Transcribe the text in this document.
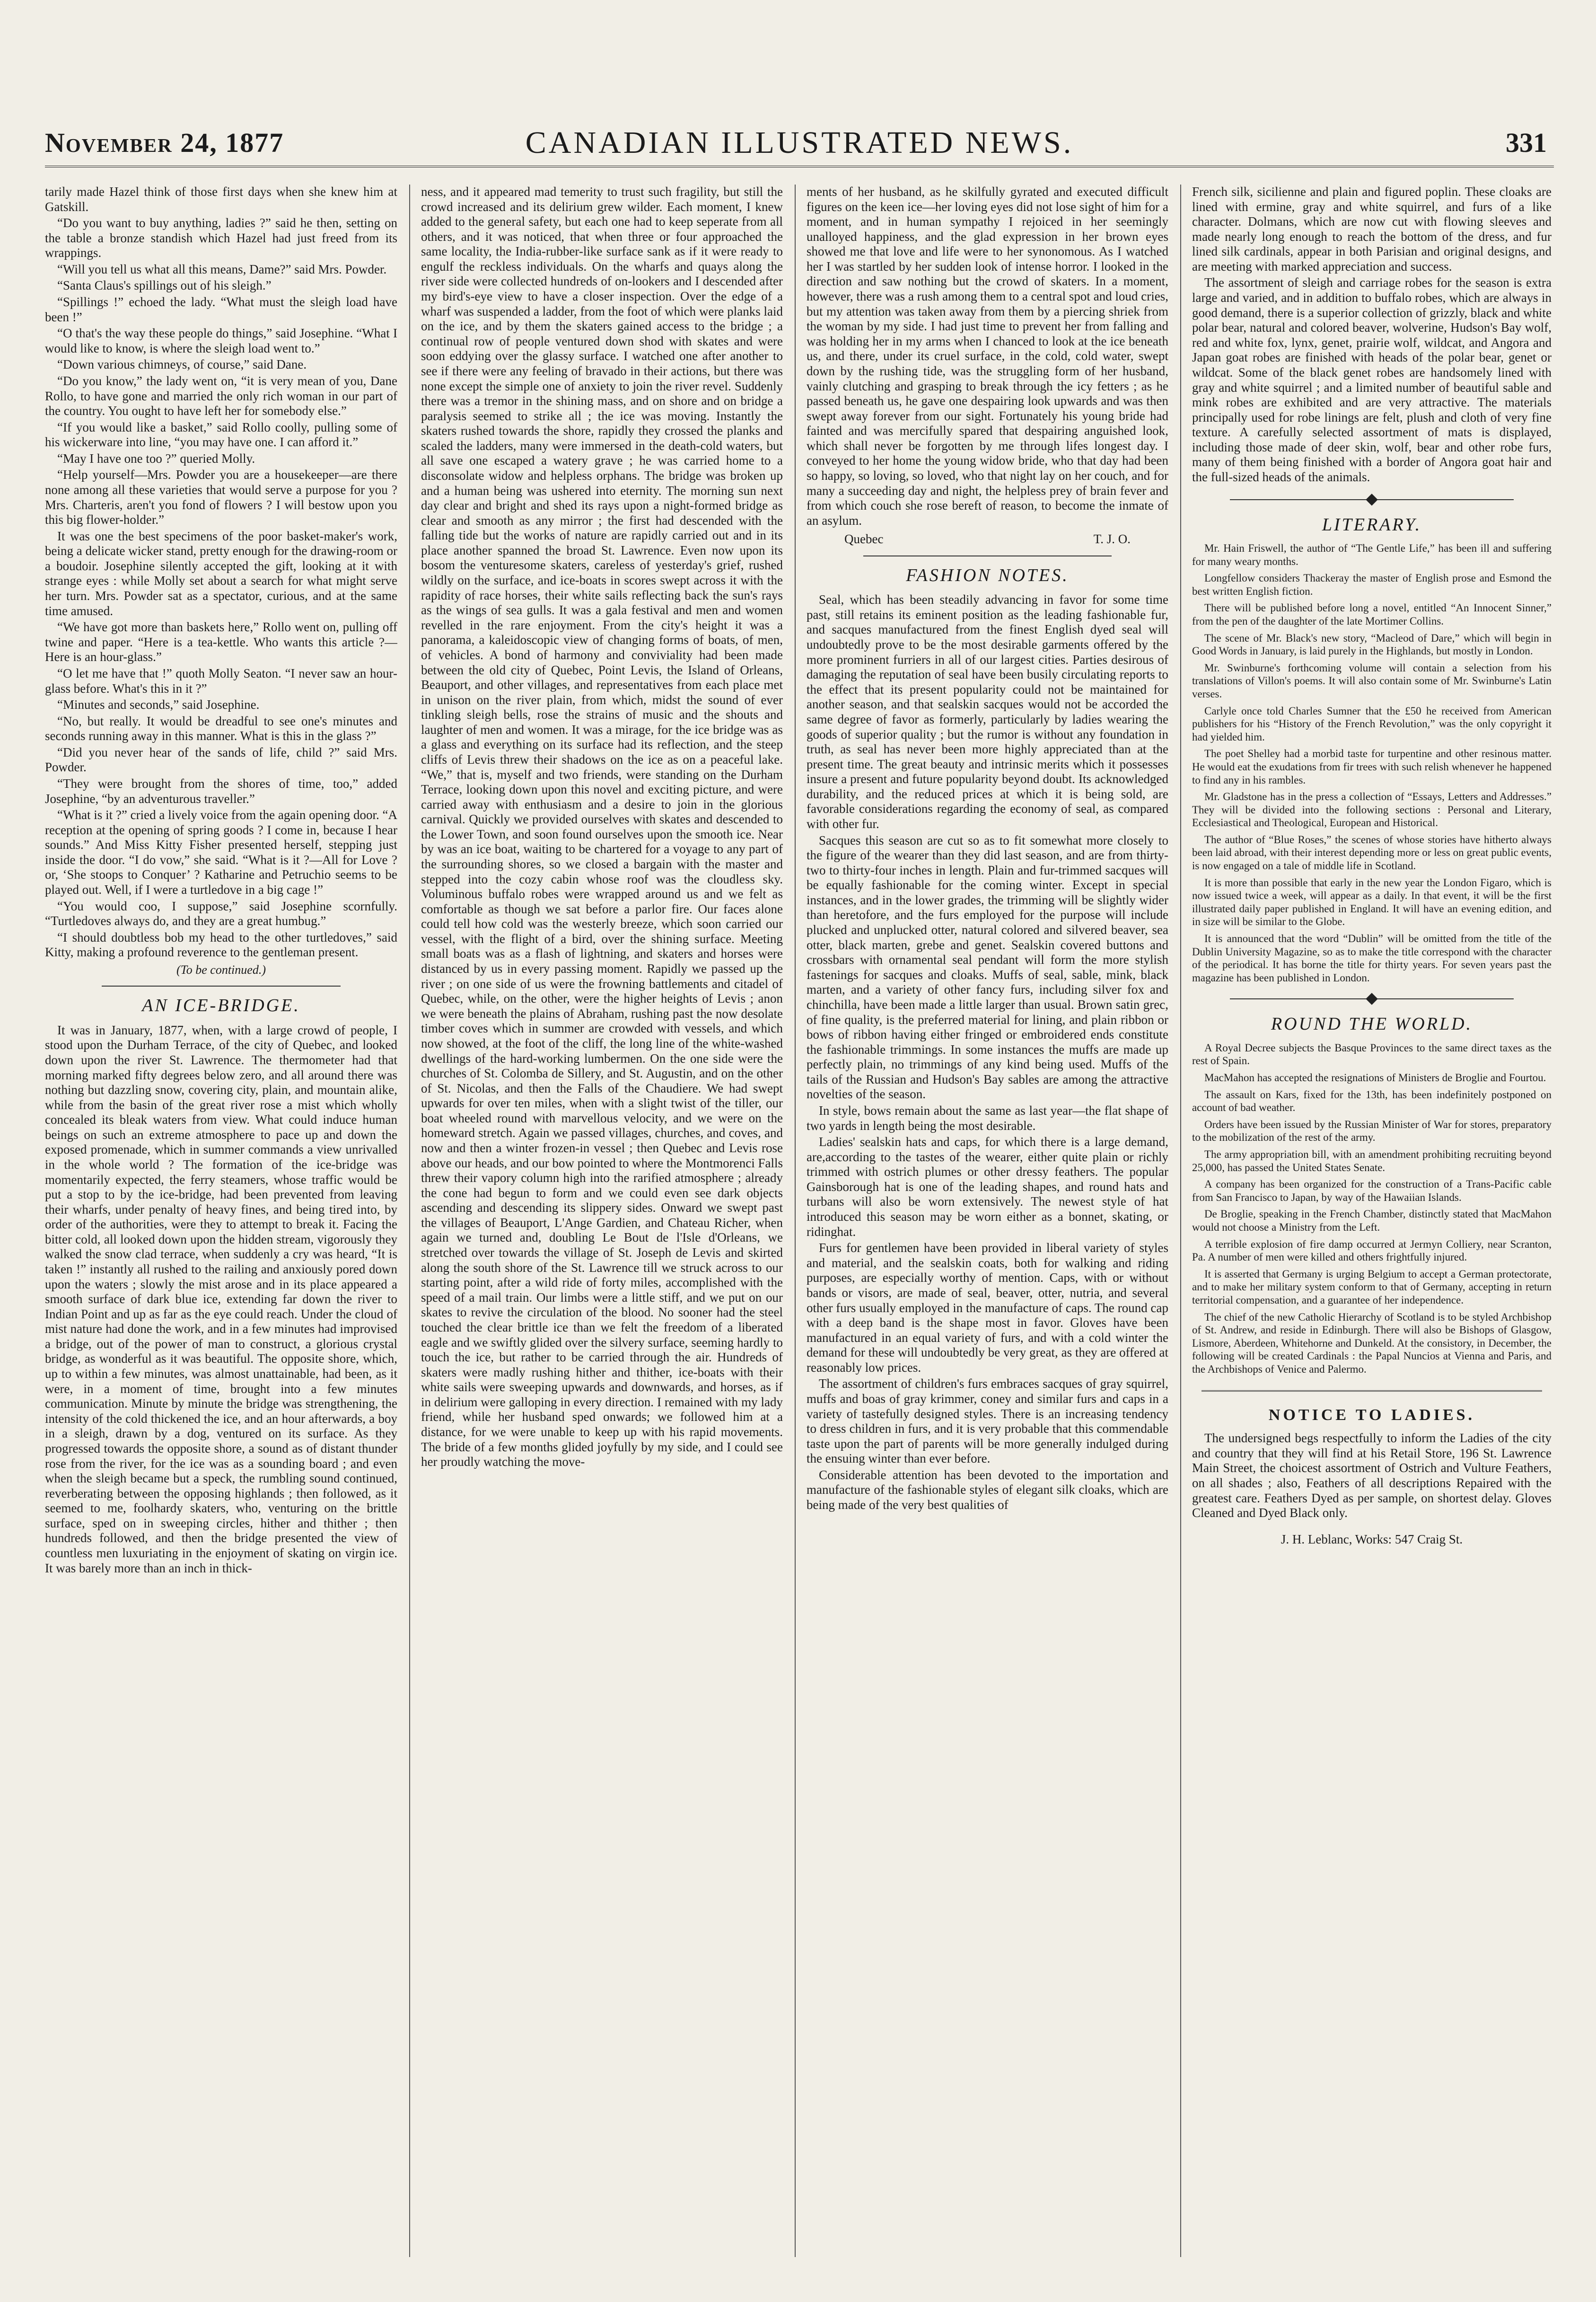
November 24, 1877	CANADIAN ILLUSTRATED NEWS.	331

tarily made Hazel think of those first days when she knew him at Gatskill.

“Do you want to buy anything, ladies ?” said he then, setting on the table a bronze standish which Hazel had just freed from its wrappings.

“Will you tell us what all this means, Dame?” said Mrs. Powder.

“Santa Claus's spillings out of his sleigh.”

“Spillings !” echoed the lady. “What must the sleigh load have been !”

“O that's the way these people do things,” said Josephine. “What I would like to know, is where the sleigh load went to.”

“Down various chimneys, of course,” said Dane.

“Do you know,” the lady went on, “it is very mean of you, Dane Rollo, to have gone and married the only rich woman in our part of the country. You ought to have left her for somebody else.”

“If you would like a basket,” said Rollo coolly, pulling some of his wickerware into line, “you may have one. I can afford it.”

“May I have one too ?” queried Molly.

“Help yourself—Mrs. Powder you are a housekeeper—are there none among all these varieties that would serve a purpose for you ? Mrs. Charteris, aren't you fond of flowers ? I will bestow upon you this big flower-holder.”

It was one the best specimens of the poor basket-maker's work, being a delicate wicker stand, pretty enough for the drawing-room or a boudoir. Josephine silently accepted the gift, looking at it with strange eyes : while Molly set about a search for what might serve her turn. Mrs. Powder sat as a spectator, curious, and at the same time amused.

“We have got more than baskets here,” Rollo went on, pulling off twine and paper. “Here is a tea-kettle. Who wants this article ?—Here is an hour-glass.”

“O let me have that !” quoth Molly Seaton. “I never saw an hour-glass before. What's this in it ?”

“Minutes and seconds,” said Josephine.

“No, but really. It would be dreadful to see one's minutes and seconds running away in this manner. What is this in the glass ?”

“Did you never hear of the sands of life, child ?” said Mrs. Powder.

“They were brought from the shores of time, too,” added Josephine, “by an adventurous traveller.”

“What is it ?” cried a lively voice from the again opening door. “A reception at the opening of spring goods ? I come in, because I hear sounds.” And Miss Kitty Fisher presented herself, stepping just inside the door. “I do vow,” she said. “What is it ?—All for Love ? or, ‘She stoops to Conquer’ ? Katharine and Petruchio seems to be played out. Well, if I were a turtledove in a big cage !”

“You would coo, I suppose,” said Josephine scornfully. “Turtledoves always do, and they are a great humbug.”

“I should doubtless bob my head to the other turtledoves,” said Kitty, making a profound reverence to the gentleman present.

(To be continued.)
AN ICE-BRIDGE.

It was in January, 1877, when, with a large crowd of people, I stood upon the Durham Terrace, of the city of Quebec, and looked down upon the river St. Lawrence. The thermometer had that morning marked fifty degrees below zero, and all around there was nothing but dazzling snow, covering city, plain, and mountain alike, while from the basin of the great river rose a mist which wholly concealed its bleak waters from view. What could induce human beings on such an extreme atmosphere to pace up and down the exposed promenade, which in summer commands a view unrivalled in the whole world ? The formation of the ice-bridge was momentarily expected, the ferry steamers, whose traffic would be put a stop to by the ice-bridge, had been prevented from leaving their wharfs, under penalty of heavy fines, and being tired into, by order of the authorities, were they to attempt to break it. Facing the bitter cold, all looked down upon the hidden stream, vigorously they walked the snow clad terrace, when suddenly a cry was heard, “It is taken !” instantly all rushed to the railing and anxiously pored down upon the waters ; slowly the mist arose and in its place appeared a smooth surface of dark blue ice, extending far down the river to Indian Point and up as far as the eye could reach. Under the cloud of mist nature had done the work, and in a few minutes had improvised a bridge, out of the power of man to construct, a glorious crystal bridge, as wonderful as it was beautiful. The opposite shore, which, up to within a few minutes, was almost unattainable, had been, as it were, in a moment of time, brought into a few minutes communication. Minute by minute the bridge was strengthening, the intensity of the cold thickened the ice, and an hour afterwards, a boy in a sleigh, drawn by a dog, ventured on its surface. As they progressed towards the opposite shore, a sound as of distant thunder rose from the river, for the ice was as a sounding board ; and even when the sleigh became but a speck, the rumbling sound continued, reverberating between the opposing highlands ; then followed, as it seemed to me, foolhardy skaters, who, venturing on the brittle surface, sped on in sweeping circles, hither and thither ; then hundreds followed, and then the bridge presented the view of countless men luxuriating in the enjoyment of skating on virgin ice. It was barely more than an inch in thick-

ness, and it appeared mad temerity to trust such fragility, but still the crowd increased and its delirium grew wilder. Each moment, I knew added to the general safety, but each one had to keep seperate from all others, and it was noticed, that when three or four approached the same locality, the India-rubber-like surface sank as if it were ready to engulf the reckless individuals. On the wharfs and quays along the river side were collected hundreds of on-lookers and I descended after my bird's-eye view to have a closer inspection. Over the edge of a wharf was suspended a ladder, from the foot of which were planks laid on the ice, and by them the skaters gained access to the bridge ; a continual row of people ventured down shod with skates and were soon eddying over the glassy surface. I watched one after another to see if there were any feeling of bravado in their actions, but there was none except the simple one of anxiety to join the river revel. Suddenly there was a tremor in the shining mass, and on shore and on bridge a paralysis seemed to strike all ; the ice was moving. Instantly the skaters rushed towards the shore, rapidly they crossed the planks and scaled the ladders, many were immersed in the death-cold waters, but all save one escaped a watery grave ; he was carried home to a disconsolate widow and helpless orphans. The bridge was broken up and a human being was ushered into eternity. The morning sun next day clear and bright and shed its rays upon a night-formed bridge as clear and smooth as any mirror ; the first had descended with the falling tide but the works of nature are rapidly carried out and in its place another spanned the broad St. Lawrence. Even now upon its bosom the venturesome skaters, careless of yesterday's grief, rushed wildly on the surface, and ice-boats in scores swept across it with the rapidity of race horses, their white sails reflecting back the sun's rays as the wings of sea gulls. It was a gala festival and men and women revelled in the rare enjoyment. From the city's height it was a panorama, a kaleidoscopic view of changing forms of boats, of men, of vehicles. A bond of harmony and conviviality had been made between the old city of Quebec, Point Levis, the Island of Orleans, Beauport, and other villages, and representatives from each place met in unison on the river plain, from which, midst the sound of ever tinkling sleigh bells, rose the strains of music and the shouts and laughter of men and women. It was a mirage, for the ice bridge was as a glass and everything on its surface had its reflection, and the steep cliffs of Levis threw their shadows on the ice as on a peaceful lake. “We,” that is, myself and two friends, were standing on the Durham Terrace, looking down upon this novel and exciting picture, and were carried away with enthusiasm and a desire to join in the glorious carnival. Quickly we provided ourselves with skates and descended to the Lower Town, and soon found ourselves upon the smooth ice. Near by was an ice boat, waiting to be chartered for a voyage to any part of the surrounding shores, so we closed a bargain with the master and stepped into the cozy cabin whose roof was the cloudless sky. Voluminous buffalo robes were wrapped around us and we felt as comfortable as though we sat before a parlor fire. Our faces alone could tell how cold was the westerly breeze, which soon carried our vessel, with the flight of a bird, over the shining surface. Meeting small boats was as a flash of lightning, and skaters and horses were distanced by us in every passing moment. Rapidly we passed up the river ; on one side of us were the frowning battlements and citadel of Quebec, while, on the other, were the higher heights of Levis ; anon we were beneath the plains of Abraham, rushing past the now desolate timber coves which in summer are crowded with vessels, and which now showed, at the foot of the cliff, the long line of the white-washed dwellings of the hard-working lumbermen. On the one side were the churches of St. Colomba de Sillery, and St. Augustin, and on the other of St. Nicolas, and then the Falls of the Chaudiere. We had swept upwards for over ten miles, when with a slight twist of the tiller, our boat wheeled round with marvellous velocity, and we were on the homeward stretch. Again we passed villages, churches, and coves, and now and then a winter frozen-in vessel ; then Quebec and Levis rose above our heads, and our bow pointed to where the Montmorenci Falls threw their vapory column high into the rarified atmosphere ; already the cone had begun to form and we could even see dark objects ascending and descending its slippery sides. Onward we swept past the villages of Beauport, L'Ange Gardien, and Chateau Richer, when again we turned and, doubling Le Bout de l'Isle d'Orleans, we stretched over towards the village of St. Joseph de Levis and skirted along the south shore of the St. Lawrence till we struck across to our starting point, after a wild ride of forty miles, accomplished with the speed of a mail train. Our limbs were a little stiff, and we put on our skates to revive the circulation of the blood. No sooner had the steel touched the clear brittle ice than we felt the freedom of a liberated eagle and we swiftly glided over the silvery surface, seeming hardly to touch the ice, but rather to be carried through the air. Hundreds of skaters were madly rushing hither and thither, ice-boats with their white sails were sweeping upwards and downwards, and horses, as if in delirium were galloping in every direction. I remained with my lady friend, while her husband sped onwards; we followed him at a distance, for we were unable to keep up with his rapid movements. The bride of a few months glided joyfully by my side, and I could see her proudly watching the move-

ments of her husband, as he skilfully gyrated and executed difficult figures on the keen ice—her loving eyes did not lose sight of him for a moment, and in human sympathy I rejoiced in her seemingly unalloyed happiness, and the glad expression in her brown eyes showed me that love and life were to her synonomous. As I watched her I was startled by her sudden look of intense horror. I looked in the direction and saw nothing but the crowd of skaters. In a moment, however, there was a rush among them to a central spot and loud cries, but my attention was taken away from them by a piercing shriek from the woman by my side. I had just time to prevent her from falling and was holding her in my arms when I chanced to look at the ice beneath us, and there, under its cruel surface, in the cold, cold water, swept down by the rushing tide, was the struggling form of her husband, vainly clutching and grasping to break through the icy fetters ; as he passed beneath us, he gave one despairing look upwards and was then swept away forever from our sight. Fortunately his young bride had fainted and was mercifully spared that despairing anguished look, which shall never be forgotten by me through lifes longest day. I conveyed to her home the young widow bride, who that day had been so happy, so loving, so loved, who that night lay on her couch, and for many a succeeding day and night, the helpless prey of brain fever and from which couch she rose bereft of reason, to become the inmate of an asylum.

Quebec	T. J. O.
FASHION NOTES.

Seal, which has been steadily advancing in favor for some time past, still retains its eminent position as the leading fashionable fur, and sacques manufactured from the finest English dyed seal will undoubtedly prove to be the most desirable garments offered by the more prominent furriers in all of our largest cities. Parties desirous of damaging the reputation of seal have been busily circulating reports to the effect that its present popularity could not be maintained for another season, and that sealskin sacques would not be accorded the same degree of favor as formerly, particularly by ladies wearing the goods of superior quality ; but the rumor is without any foundation in truth, as seal has never been more highly appreciated than at the present time. The great beauty and intrinsic merits which it possesses insure a present and future popularity beyond doubt. Its acknowledged durability, and the reduced prices at which it is being sold, are favorable considerations regarding the economy of seal, as compared with other fur.

Sacques this season are cut so as to fit somewhat more closely to the figure of the wearer than they did last season, and are from thirty-two to thirty-four inches in length. Plain and fur-trimmed sacques will be equally fashionable for the coming winter. Except in special instances, and in the lower grades, the trimming will be slightly wider than heretofore, and the furs employed for the purpose will include plucked and unplucked otter, natural colored and silvered beaver, sea otter, black marten, grebe and genet. Sealskin covered buttons and crossbars with ornamental seal pendant will form the more stylish fastenings for sacques and cloaks. Muffs of seal, sable, mink, black marten, and a variety of other fancy furs, including silver fox and chinchilla, have been made a little larger than usual. Brown satin grec, of fine quality, is the preferred material for lining, and plain ribbon or bows of ribbon having either fringed or embroidered ends constitute the fashionable trimmings. In some instances the muffs are made up perfectly plain, no trimmings of any kind being used. Muffs of the tails of the Russian and Hudson's Bay sables are among the attractive novelties of the season.

In style, bows remain about the same as last year—the flat shape of two yards in length being the most desirable.

Ladies' sealskin hats and caps, for which there is a large demand, are,according to the tastes of the wearer, either quite plain or richly trimmed with ostrich plumes or other dressy feathers. The popular Gainsborough hat is one of the leading shapes, and round hats and turbans will also be worn extensively. The newest style of hat introduced this season may be worn either as a bonnet, skating, or ridinghat.

Furs for gentlemen have been provided in liberal variety of styles and material, and the sealskin coats, both for walking and riding purposes, are especially worthy of mention. Caps, with or without bands or visors, are made of seal, beaver, otter, nutria, and several other furs usually employed in the manufacture of caps. The round cap with a deep band is the shape most in favor. Gloves have been manufactured in an equal variety of furs, and with a cold winter the demand for these will undoubtedly be very great, as they are offered at reasonably low prices.

The assortment of children's furs embraces sacques of gray squirrel, muffs and boas of gray krimmer, coney and similar furs and caps in a variety of tastefully designed styles. There is an increasing tendency to dress children in furs, and it is very probable that this commendable taste upon the part of parents will be more generally indulged during the ensuing winter than ever before.

Considerable attention has been devoted to the importation and manufacture of the fashionable styles of elegant silk cloaks, which are being made of the very best qualities of

French silk, sicilienne and plain and figured poplin. These cloaks are lined with ermine, gray and white squirrel, and furs of a like character. Dolmans, which are now cut with flowing sleeves and made nearly long enough to reach the bottom of the dress, and fur lined silk cardinals, appear in both Parisian and original designs, and are meeting with marked appreciation and success.

The assortment of sleigh and carriage robes for the season is extra large and varied, and in addition to buffalo robes, which are always in good demand, there is a superior collection of grizzly, black and white polar bear, natural and colored beaver, wolverine, Hudson's Bay wolf, red and white fox, lynx, genet, prairie wolf, wildcat, and Angora and Japan goat robes are finished with heads of the polar bear, genet or wildcat. Some of the black genet robes are handsomely lined with gray and white squirrel ; and a limited number of beautiful sable and mink robes are exhibited and are very attractive. The materials principally used for robe linings are felt, plush and cloth of very fine texture. A carefully selected assortment of mats is displayed, including those made of deer skin, wolf, bear and other robe furs, many of them being finished with a border of Angora goat hair and the full-sized heads of the animals.

LITERARY.

Mr. Hain Friswell, the author of “The Gentle Life,” has been ill and suffering for many weary months.

Longfellow considers Thackeray the master of English prose and Esmond the best written English fiction.

There will be published before long a novel, entitled “An Innocent Sinner,” from the pen of the daughter of the late Mortimer Collins.

The scene of Mr. Black's new story, “Macleod of Dare,” which will begin in Good Words in January, is laid purely in the Highlands, but mostly in London.

Mr. Swinburne's forthcoming volume will contain a selection from his translations of Villon's poems. It will also contain some of Mr. Swinburne's Latin verses.

Carlyle once told Charles Sumner that the £50 he received from American publishers for his “History of the French Revolution,” was the only copyright it had yielded him.

The poet Shelley had a morbid taste for turpentine and other resinous matter. He would eat the exudations from fir trees with such relish whenever he happened to find any in his rambles.

Mr. Gladstone has in the press a collection of “Essays, Letters and Addresses.” They will be divided into the following sections : Personal and Literary, Ecclesiastical and Theological, European and Historical.

The author of “Blue Roses,” the scenes of whose stories have hitherto always been laid abroad, with their interest depending more or less on great public events, is now engaged on a tale of middle life in Scotland.

It is more than possible that early in the new year the London Figaro, which is now issued twice a week, will appear as a daily. In that event, it will be the first illustrated daily paper published in England. It will have an evening edition, and in size will be similar to the Globe.

It is announced that the word “Dublin” will be omitted from the title of the Dublin University Magazine, so as to make the title correspond with the character of the periodical. It has borne the title for thirty years. For seven years past the magazine has been published in London.

ROUND THE WORLD.

A Royal Decree subjects the Basque Provinces to the same direct taxes as the rest of Spain.

MacMahon has accepted the resignations of Ministers de Broglie and Fourtou.

The assault on Kars, fixed for the 13th, has been indefinitely postponed on account of bad weather.

Orders have been issued by the Russian Minister of War for stores, preparatory to the mobilization of the rest of the army.

The army appropriation bill, with an amendment prohibiting recruiting beyond 25,000, has passed the United States Senate.

A company has been organized for the construction of a Trans-Pacific cable from San Francisco to Japan, by way of the Hawaiian Islands.

De Broglie, speaking in the French Chamber, distinctly stated that MacMahon would not choose a Ministry from the Left.

A terrible explosion of fire damp occurred at Jermyn Colliery, near Scranton, Pa. A number of men were killed and others frightfully injured.

It is asserted that Germany is urging Belgium to accept a German protectorate, and to make her military system conform to that of Germany, accepting in return territorial compensation, and a guarantee of her independence.

The chief of the new Catholic Hierarchy of Scotland is to be styled Archbishop of St. Andrew, and reside in Edinburgh. There will also be Bishops of Glasgow, Lismore, Aberdeen, Whitehorne and Dunkeld. At the consistory, in December, the following will be created Cardinals : the Papal Nuncios at Vienna and Paris, and the Archbishops of Venice and Palermo.

NOTICE TO LADIES.

The undersigned begs respectfully to inform the Ladies of the city and country that they will find at his Retail Store, 196 St. Lawrence Main Street, the choicest assortment of Ostrich and Vulture Feathers, on all shades ; also, Feathers of all descriptions Repaired with the greatest care. Feathers Dyed as per sample, on shortest delay. Gloves Cleaned and Dyed Black only.

J. H. Leblanc, Works: 547 Craig St.
